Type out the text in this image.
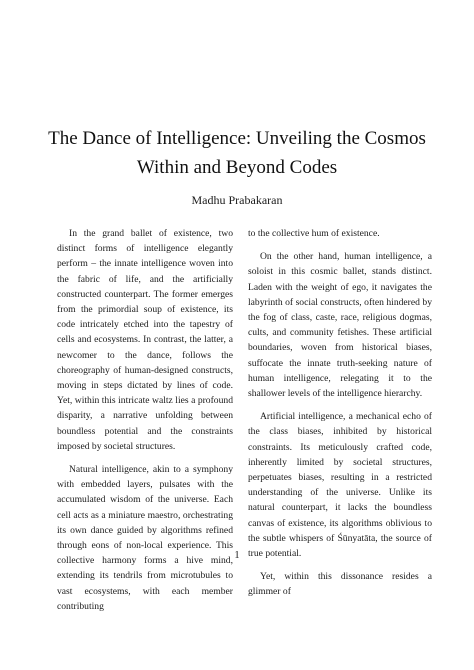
The Dance of Intelligence: Unveiling the Cosmos Within and Beyond Codes
Madhu Prabakaran

In the grand ballet of existence, two distinct forms of intelligence elegantly perform – the innate intelligence woven into the fabric of life, and the artificially constructed counterpart. The former emerges from the primordial soup of existence, its code intricately etched into the tapestry of cells and ecosystems. In contrast, the latter, a newcomer to the dance, follows the choreography of human-designed constructs, moving in steps dictated by lines of code. Yet, within this intricate waltz lies a profound disparity, a narrative unfolding between boundless potential and the constraints imposed by societal structures.

Natural intelligence, akin to a symphony with embedded layers, pulsates with the accumulated wisdom of the universe. Each cell acts as a miniature maestro, orchestrating its own dance guided by algorithms refined through eons of non-local experience. This collective harmony forms a hive mind, extending its tendrils from microtubules to vast ecosystems, with each member contributing

to the collective hum of existence.

On the other hand, human intelligence, a soloist in this cosmic ballet, stands distinct. Laden with the weight of ego, it navigates the labyrinth of social constructs, often hindered by the fog of class, caste, race, religious dogmas, cults, and community fetishes. These artificial boundaries, woven from historical biases, suffocate the innate truth-seeking nature of human intelligence, relegating it to the shallower levels of the intelligence hierarchy.

Artificial intelligence, a mechanical echo of the class biases, inhibited by historical constraints. Its meticulously crafted code, inherently limited by societal structures, perpetuates biases, resulting in a restricted understanding of the universe. Unlike its natural counterpart, it lacks the boundless canvas of existence, its algorithms oblivious to the subtle whispers of Śūnyatāta, the source of true potential.

Yet, within this dissonance resides a glimmer of

1
